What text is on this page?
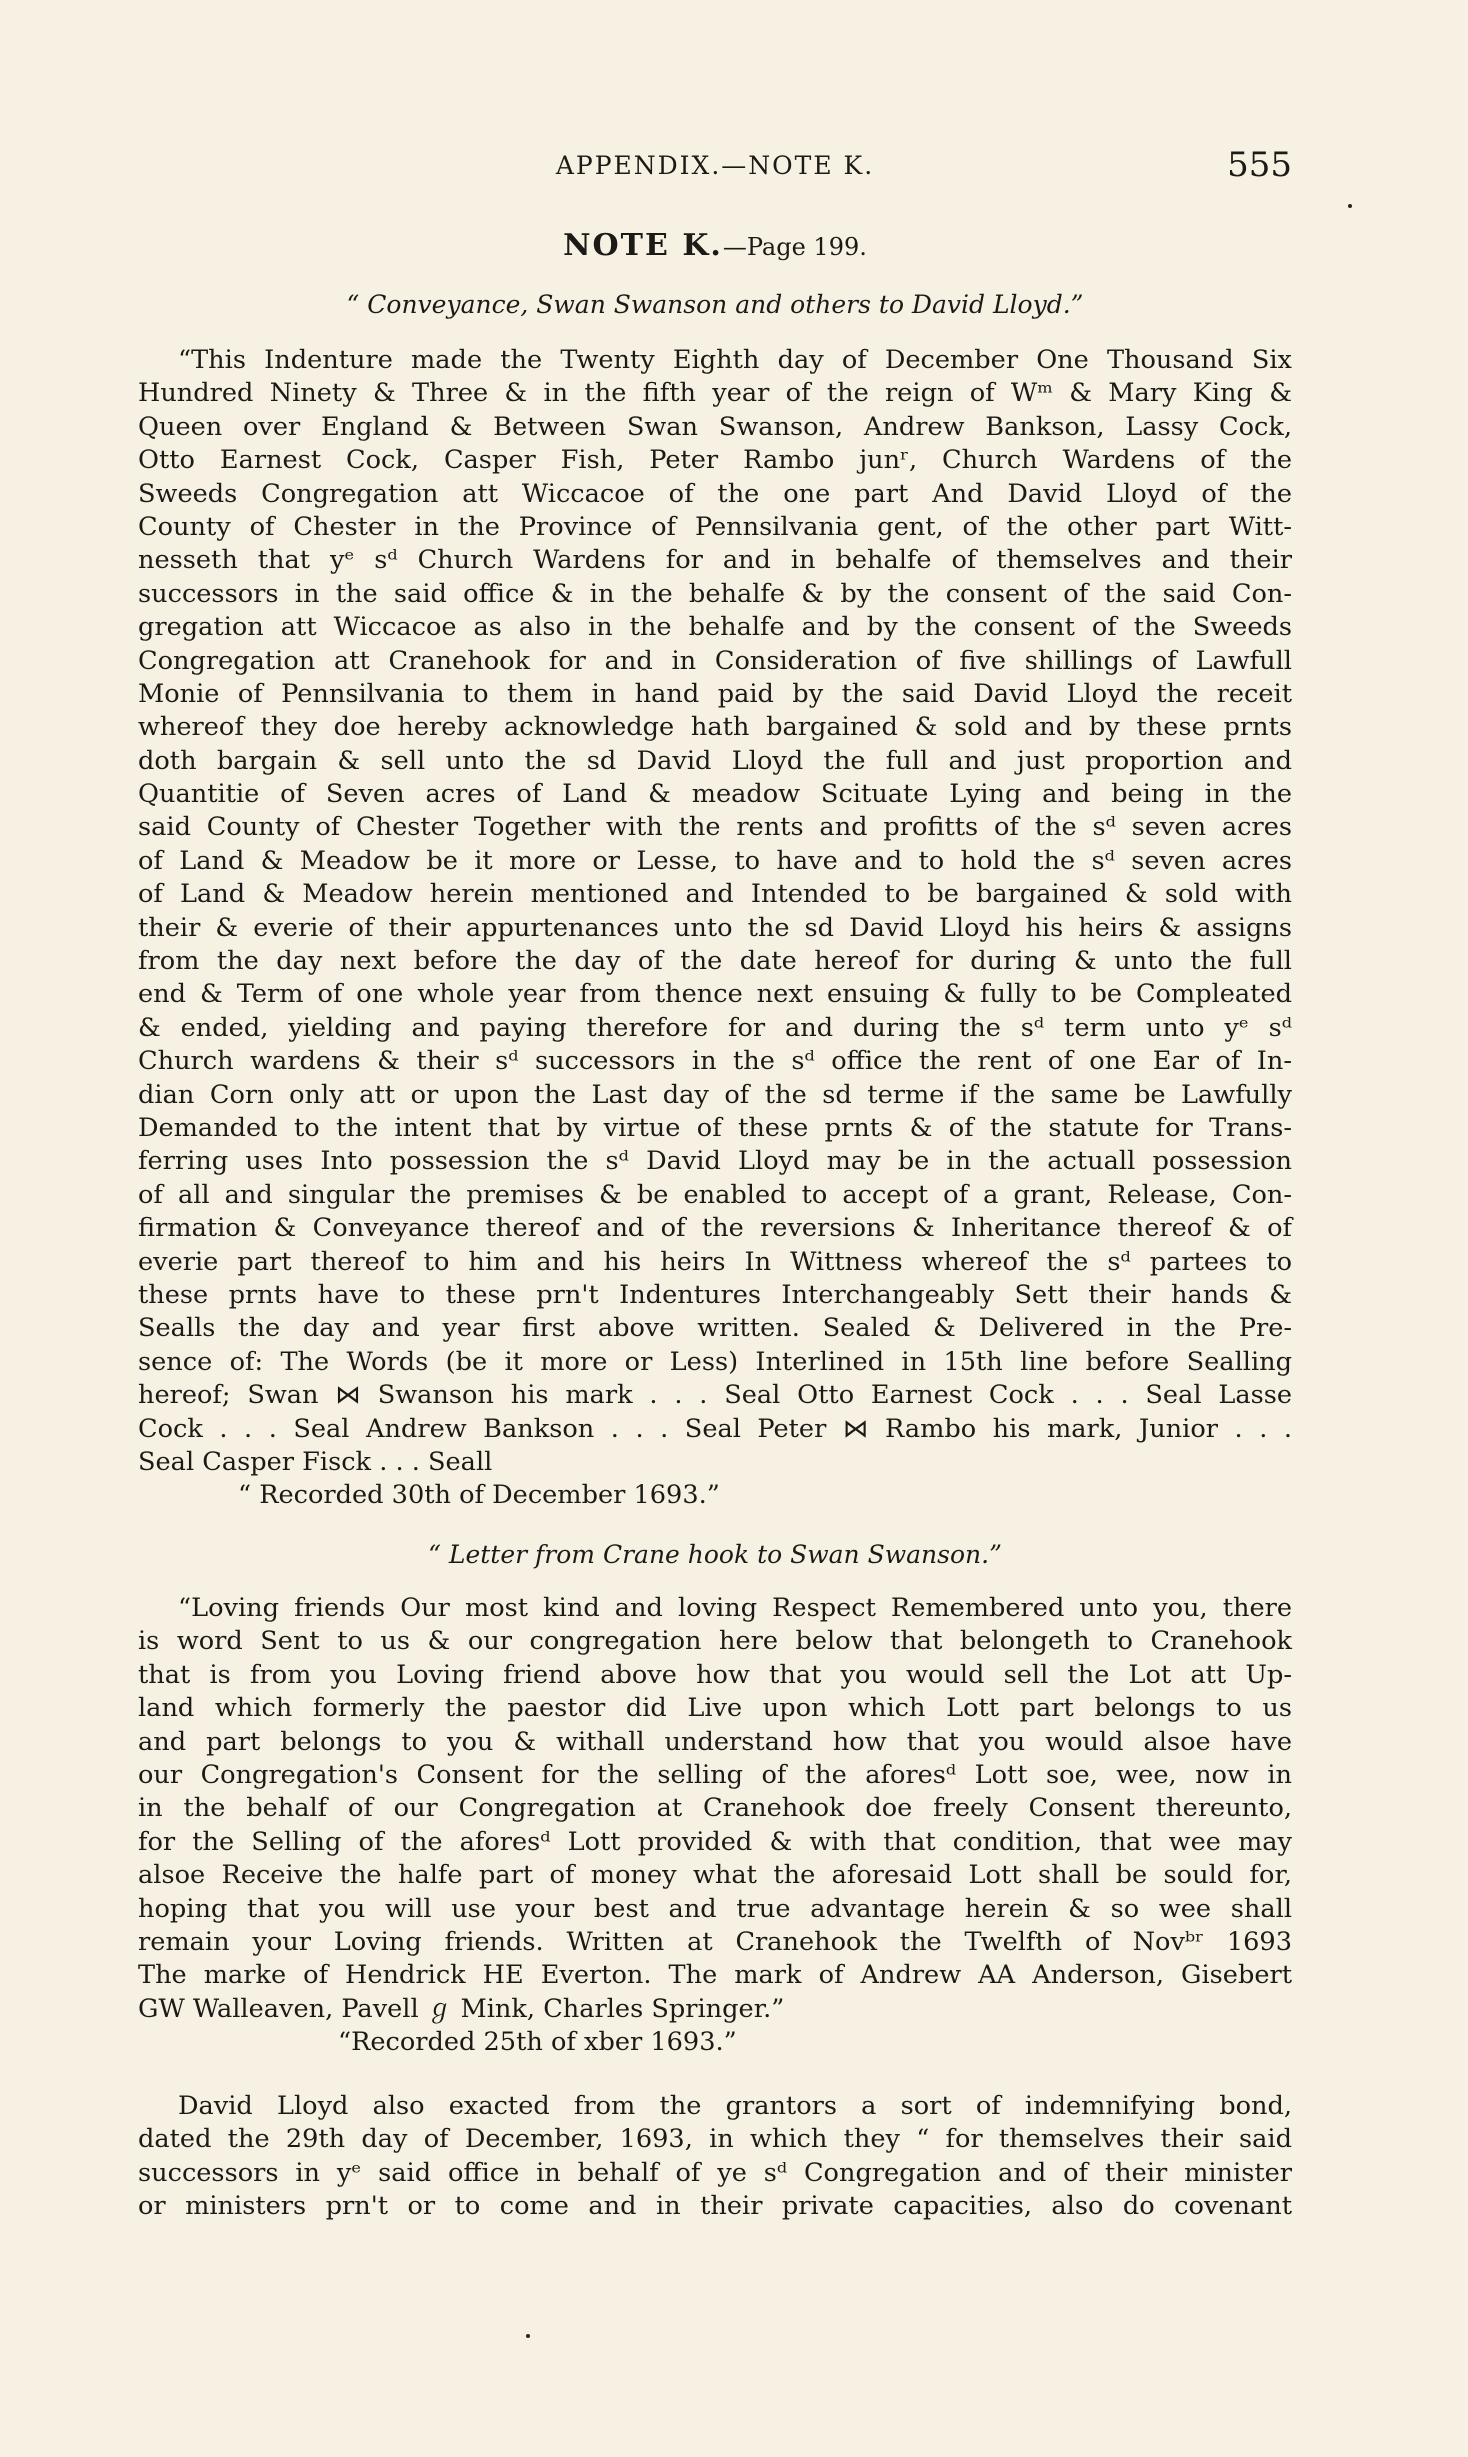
APPENDIX.—NOTE K.	555
NOTE K.—Page 199.
“ Conveyance, Swan Swanson and others to David Lloyd.”
“This Indenture made the Twenty Eighth day of December One Thousand Six
Hundred Ninety & Three & in the fifth year of the reign of Wᵐ & Mary King &
Queen over England & Between Swan Swanson, Andrew Bankson, Lassy Cock,
Otto Earnest Cock, Casper Fish, Peter Rambo junʳ, Church Wardens of the
Sweeds Congregation att Wiccacoe of the one part And David Lloyd of the
County of Chester in the Province of Pennsilvania gent, of the other part Witt-
nesseth that yᵉ sᵈ Church Wardens for and in behalfe of themselves and their
successors in the said office & in the behalfe & by the consent of the said Con-
gregation att Wiccacoe as also in the behalfe and by the consent of the Sweeds
Congregation att Cranehook for and in Consideration of five shillings of Lawfull
Monie of Pennsilvania to them in hand paid by the said David Lloyd the receit
whereof they doe hereby acknowledge hath bargained & sold and by these prnts
doth bargain & sell unto the sd David Lloyd the full and just proportion and
Quantitie of Seven acres of Land & meadow Scituate Lying and being in the
said County of Chester Together with the rents and profitts of the sᵈ seven acres
of Land & Meadow be it more or Lesse, to have and to hold the sᵈ seven acres
of Land & Meadow herein mentioned and Intended to be bargained & sold with
their & everie of their appurtenances unto the sd David Lloyd his heirs & assigns
from the day next before the day of the date hereof for during & unto the full
end & Term of one whole year from thence next ensuing & fully to be Compleated
& ended, yielding and paying therefore for and during the sᵈ term unto yᵉ sᵈ
Church wardens & their sᵈ successors in the sᵈ office the rent of one Ear of In-
dian Corn only att or upon the Last day of the sd terme if the same be Lawfully
Demanded to the intent that by virtue of these prnts & of the statute for Trans-
ferring uses Into possession the sᵈ David Lloyd may be in the actuall possession
of all and singular the premises & be enabled to accept of a grant, Release, Con-
firmation & Conveyance thereof and of the reversions & Inheritance thereof & of
everie part thereof to him and his heirs In Wittness whereof the sᵈ partees to
these prnts have to these prn't Indentures Interchangeably Sett their hands &
Sealls the day and year first above written. Sealed & Delivered in the Pre-
sence of: The Words (be it more or Less) Interlined in 15th line before Sealling
hereof; Swan ⋈ Swanson his mark . . . Seal Otto Earnest Cock . . . Seal Lasse
Cock . . . Seal Andrew Bankson . . . Seal Peter ⋈ Rambo his mark, Junior . . .
Seal Casper Fisck . . . Seall
“ Recorded 30th of December 1693.”
“ Letter from Crane hook to Swan Swanson.”
“Loving friends Our most kind and loving Respect Remembered unto you, there
is word Sent to us & our congregation here below that belongeth to Cranehook
that is from you Loving friend above how that you would sell the Lot att Up-
land which formerly the paestor did Live upon which Lott part belongs to us
and part belongs to you & withall understand how that you would alsoe have
our Congregation's Consent for the selling of the aforesᵈ Lott soe, wee, now in
in the behalf of our Congregation at Cranehook doe freely Consent thereunto,
for the Selling of the aforesᵈ Lott provided & with that condition, that wee may
alsoe Receive the halfe part of money what the aforesaid Lott shall be sould for,
hoping that you will use your best and true advantage herein & so wee shall
remain your Loving friends. Written at Cranehook the Twelfth of Novᵇʳ 1693
The marke of Hendrick HE Everton. The mark of Andrew AA Anderson, Gisebert
GW Walleaven, Pavell ℊ Mink, Charles Springer.”
“Recorded 25th of xber 1693.”
David Lloyd also exacted from the grantors a sort of indemnifying bond,
dated the 29th day of December, 1693, in which they “ for themselves their said
successors in yᵉ said office in behalf of ye sᵈ Congregation and of their minister
or ministers prn't or to come and in their private capacities, also do covenant
